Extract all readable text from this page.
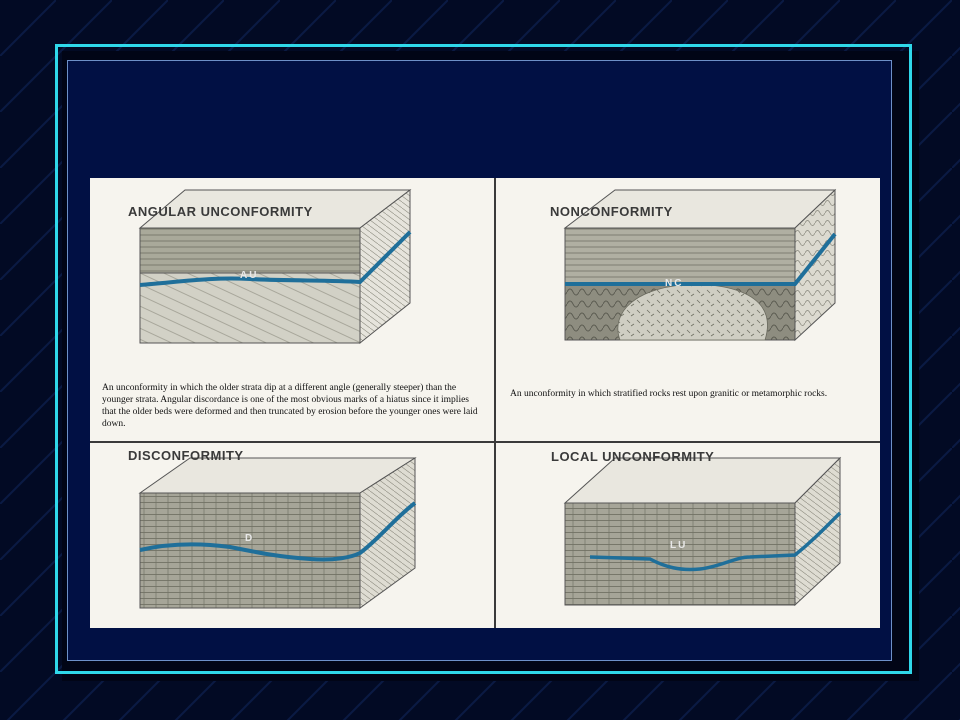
ANGULAR UNCONFORMITY
AU
An unconformity in which the older strata dip at a different angle (generally steeper) than the younger strata. Angular discordance is one of the most obvious marks of a hiatus since it implies that the older beds were deformed and then truncated by erosion before the younger ones were laid down.
NONCONFORMITY
NC
An unconformity in which stratified rocks rest upon granitic or metamorphic rocks.
DISCONFORMITY
D
LOCAL UNCONFORMITY
LU
